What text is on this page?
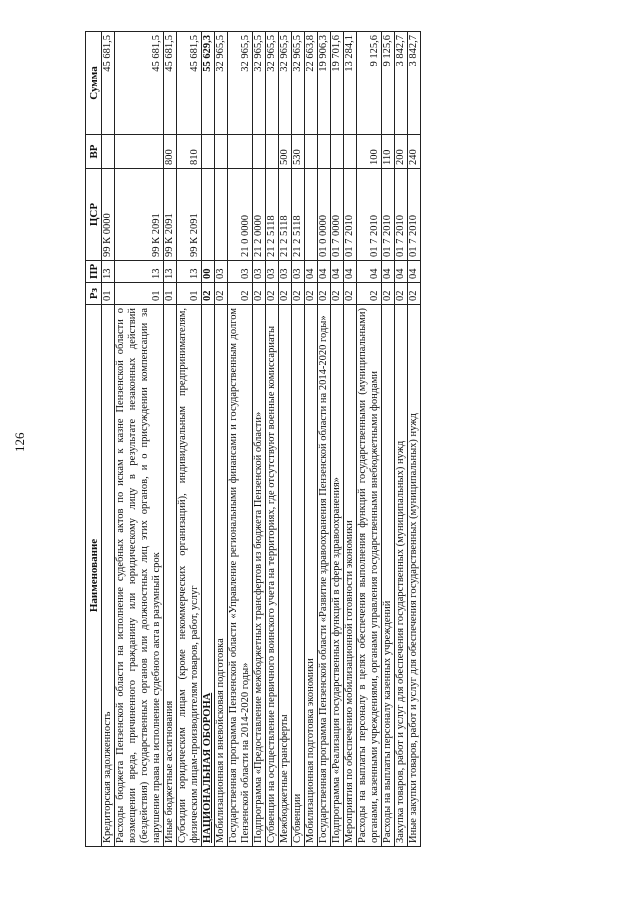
126
Наименование	Рз	ПР	ЦСР	ВР	Сумма
Кредиторская задолженность	01	13	99 К 0000		45 681,5
Расходы бюджета Пензенской области на исполнение судебных актов по искам к казне Пензенской области о возмещении вреда, причиненного гражданину или юридическому лицу в результате незаконных действий (бездействия) государственных органов или должностных лиц этих органов, и о присуждении компенсации за нарушение права на исполнение судебного акта в разумный срок	01	13	99 К 2091		45 681,5
Иные бюджетные ассигнования	01	13	99 К 2091	800	45 681,5
Субсидии юридическим лицам (кроме некоммерческих организаций), индивидуальным предпринимателям, физическим лицам-производителям товаров, работ, услуг	01	13	99 К 2091	810	45 681,5
НАЦИОНАЛЬНАЯ ОБОРОНА	02	00			55 629,3
Мобилизационная и вневойсковая подготовка	02	03			32 965,5
Государственная программа Пензенской области «Управление региональными финансами и государственным долгом Пензенской области на 2014-2020 годы»	02	03	21 0 0000		32 965,5
Подпрограмма «Предоставление межбюджетных трансфертов из бюджета Пензенской области»	02	03	21 2 0000		32 965,5
Субвенции на осуществление первичного воинского учета на территориях, где отсутствуют военные комиссариаты	02	03	21 2 5118		32 965,5
Межбюджетные трансферты	02	03	21 2 5118	500	32 965,5
Субвенции	02	03	21 2 5118	530	32 965,5
Мобилизационная подготовка экономики	02	04			22 663,8
Государственная программа Пензенской области «Развитие здравоохранения Пензенской области на 2014-2020 годы»	02	04	01 0 0000		19 906,3
Подпрограмма «Реализация государственных функций в сфере здравоохранения»	02	04	01 7 0000		19 701,6
Мероприятия по обеспечению мобилизационной готовности экономики	02	04	01 7 2010		13 284,1
Расходы на выплаты персоналу в целях обеспечения выполнения функций государственными (муниципальными) органами, казенными учреждениями, органами управления государственными внебюджетными фондами	02	04	01 7 2010	100	9 125,6
Расходы на выплаты персоналу казенных учреждений	02	04	01 7 2010	110	9 125,6
Закупка товаров, работ и услуг для обеспечения государственных (муниципальных) нужд	02	04	01 7 2010	200	3 842,7
Иные закупки товаров, работ и услуг для обеспечения государственных (муниципальных) нужд	02	04	01 7 2010	240	3 842,7
